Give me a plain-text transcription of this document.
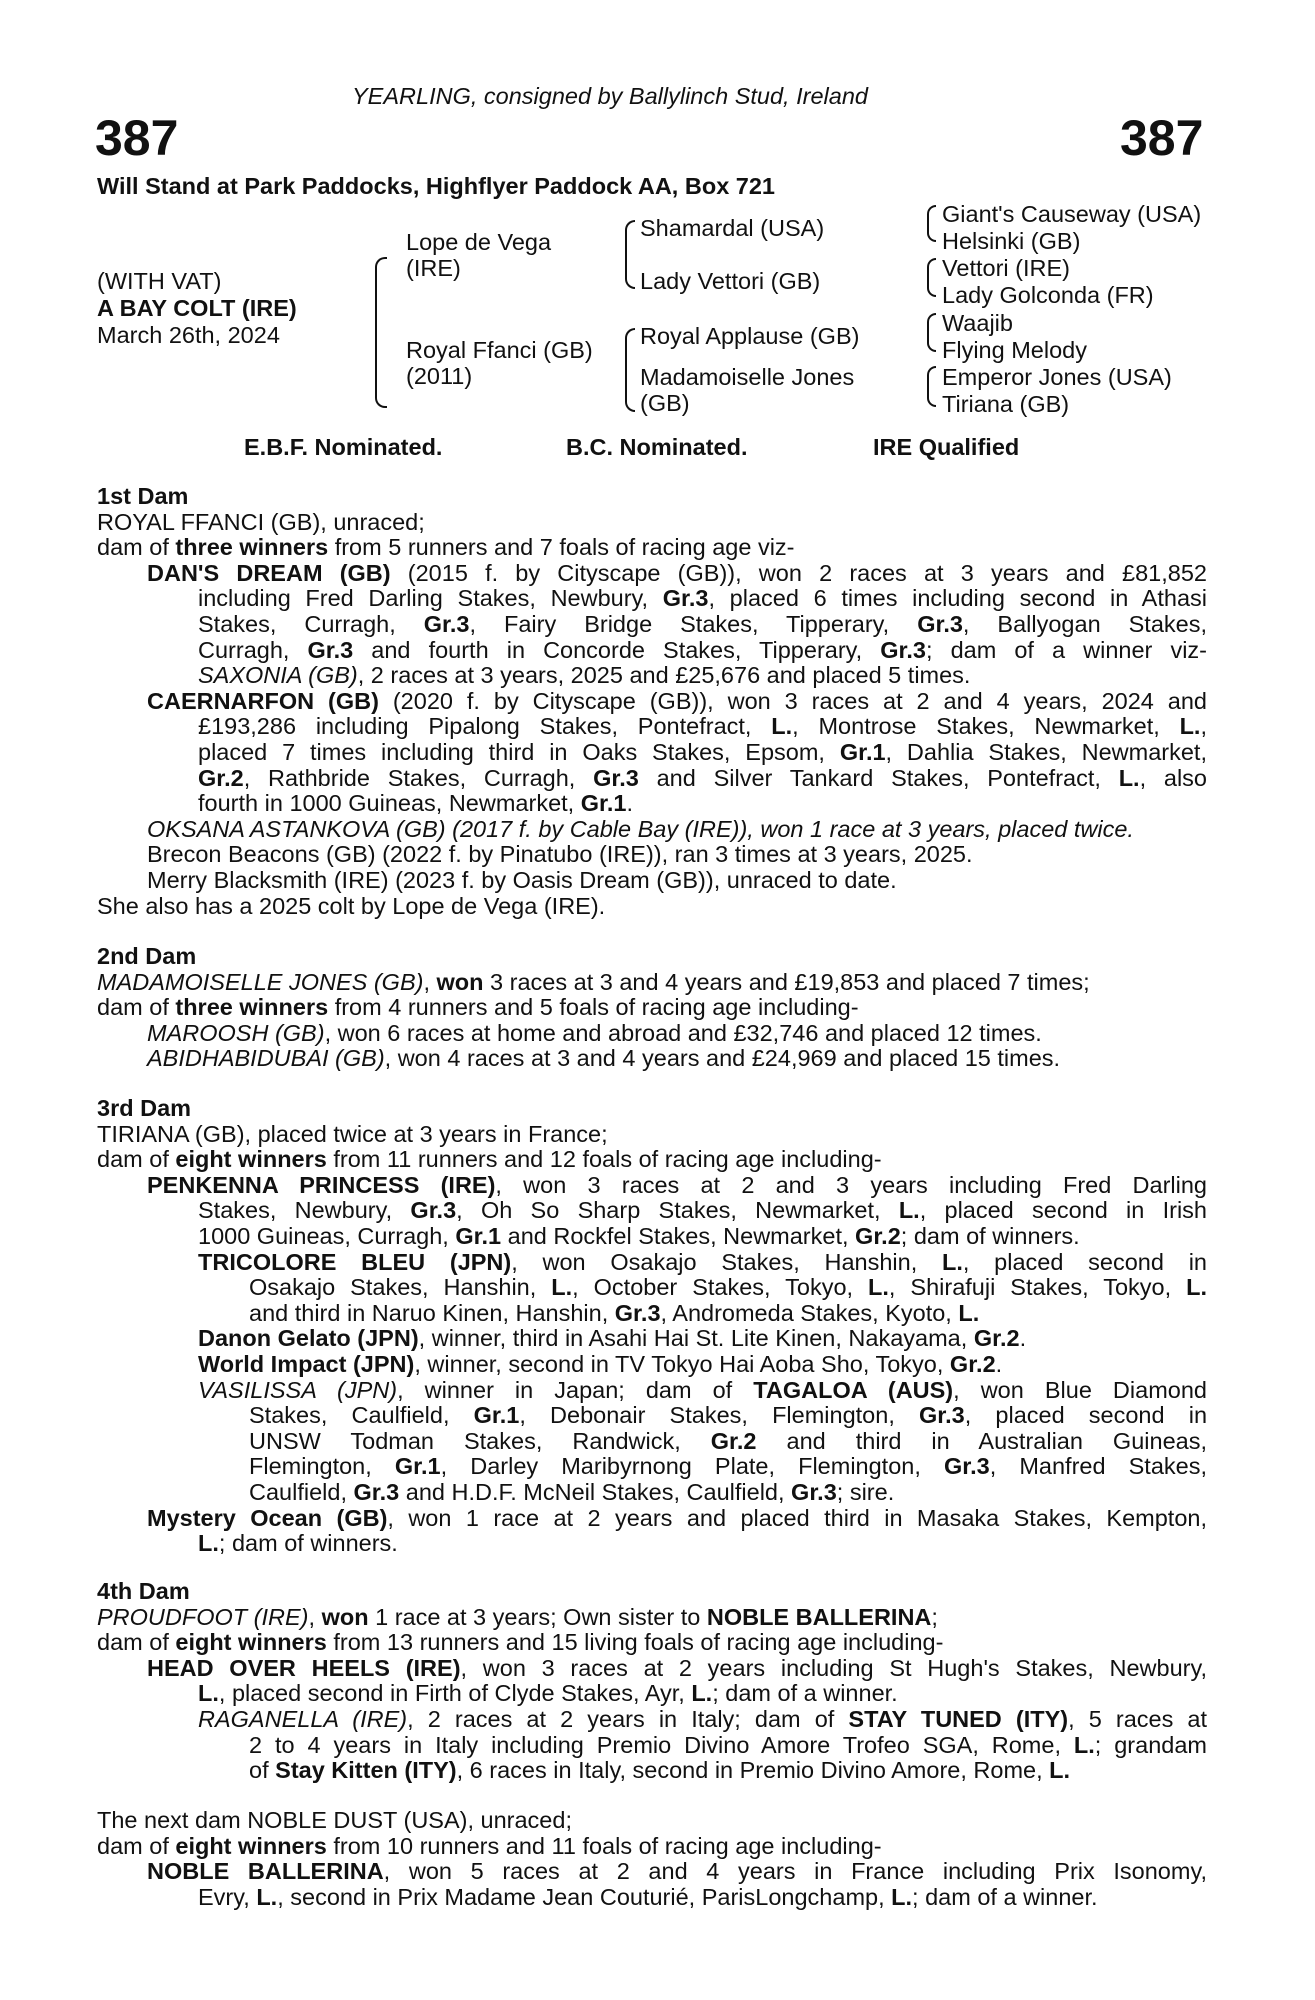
YEARLING, consigned by Ballylinch Stud, Ireland
387	387
Will Stand at Park Paddocks, Highflyer Paddock AA, Box 721
(WITH VAT)
A BAY COLT (IRE)
March 26th, 2024
Lope de Vega
(IRE)
Royal Ffanci (GB)
(2011)
Shamardal (USA)
Lady Vettori (GB)
Royal Applause (GB)
Madamoiselle Jones
(GB)
Giant's Causeway (USA)
Helsinki (GB)
Vettori (IRE)
Lady Golconda (FR)
Waajib
Flying Melody
Emperor Jones (USA)
Tiriana (GB)
E.B.F. Nominated.	B.C. Nominated.	IRE Qualified
1st Dam
ROYAL FFANCI (GB), unraced;
dam of three winners from 5 runners and 7 foals of racing age viz-
DAN'S DREAM (GB) (2015 f. by Cityscape (GB)), won 2 races at 3 years and £81,852
including Fred Darling Stakes, Newbury, Gr.3, placed 6 times including second in Athasi
Stakes, Curragh, Gr.3, Fairy Bridge Stakes, Tipperary, Gr.3, Ballyogan Stakes,
Curragh, Gr.3 and fourth in Concorde Stakes, Tipperary, Gr.3; dam of a winner viz-
SAXONIA (GB), 2 races at 3 years, 2025 and £25,676 and placed 5 times.
CAERNARFON (GB) (2020 f. by Cityscape (GB)), won 3 races at 2 and 4 years, 2024 and
£193,286 including Pipalong Stakes, Pontefract, L., Montrose Stakes, Newmarket, L.,
placed 7 times including third in Oaks Stakes, Epsom, Gr.1, Dahlia Stakes, Newmarket,
Gr.2, Rathbride Stakes, Curragh, Gr.3 and Silver Tankard Stakes, Pontefract, L., also
fourth in 1000 Guineas, Newmarket, Gr.1.
OKSANA ASTANKOVA (GB) (2017 f. by Cable Bay (IRE)), won 1 race at 3 years, placed twice.
Brecon Beacons (GB) (2022 f. by Pinatubo (IRE)), ran 3 times at 3 years, 2025.
Merry Blacksmith (IRE) (2023 f. by Oasis Dream (GB)), unraced to date.
She also has a 2025 colt by Lope de Vega (IRE).
2nd Dam
MADAMOISELLE JONES (GB), won 3 races at 3 and 4 years and £19,853 and placed 7 times;
dam of three winners from 4 runners and 5 foals of racing age including-
MAROOSH (GB), won 6 races at home and abroad and £32,746 and placed 12 times.
ABIDHABIDUBAI (GB), won 4 races at 3 and 4 years and £24,969 and placed 15 times.
3rd Dam
TIRIANA (GB), placed twice at 3 years in France;
dam of eight winners from 11 runners and 12 foals of racing age including-
PENKENNA PRINCESS (IRE), won 3 races at 2 and 3 years including Fred Darling
Stakes, Newbury, Gr.3, Oh So Sharp Stakes, Newmarket, L., placed second in Irish
1000 Guineas, Curragh, Gr.1 and Rockfel Stakes, Newmarket, Gr.2; dam of winners.
TRICOLORE BLEU (JPN), won Osakajo Stakes, Hanshin, L., placed second in
Osakajo Stakes, Hanshin, L., October Stakes, Tokyo, L., Shirafuji Stakes, Tokyo, L.
and third in Naruo Kinen, Hanshin, Gr.3, Andromeda Stakes, Kyoto, L.
Danon Gelato (JPN), winner, third in Asahi Hai St. Lite Kinen, Nakayama, Gr.2.
World Impact (JPN), winner, second in TV Tokyo Hai Aoba Sho, Tokyo, Gr.2.
VASILISSA (JPN), winner in Japan; dam of TAGALOA (AUS), won Blue Diamond
Stakes, Caulfield, Gr.1, Debonair Stakes, Flemington, Gr.3, placed second in
UNSW Todman Stakes, Randwick, Gr.2 and third in Australian Guineas,
Flemington, Gr.1, Darley Maribyrnong Plate, Flemington, Gr.3, Manfred Stakes,
Caulfield, Gr.3 and H.D.F. McNeil Stakes, Caulfield, Gr.3; sire.
Mystery Ocean (GB), won 1 race at 2 years and placed third in Masaka Stakes, Kempton,
L.; dam of winners.
4th Dam
PROUDFOOT (IRE), won 1 race at 3 years; Own sister to NOBLE BALLERINA;
dam of eight winners from 13 runners and 15 living foals of racing age including-
HEAD OVER HEELS (IRE), won 3 races at 2 years including St Hugh's Stakes, Newbury,
L., placed second in Firth of Clyde Stakes, Ayr, L.; dam of a winner.
RAGANELLA (IRE), 2 races at 2 years in Italy; dam of STAY TUNED (ITY), 5 races at
2 to 4 years in Italy including Premio Divino Amore Trofeo SGA, Rome, L.; grandam
of Stay Kitten (ITY), 6 races in Italy, second in Premio Divino Amore, Rome, L.
The next dam NOBLE DUST (USA), unraced;
dam of eight winners from 10 runners and 11 foals of racing age including-
NOBLE BALLERINA, won 5 races at 2 and 4 years in France including Prix Isonomy,
Evry, L., second in Prix Madame Jean Couturié, ParisLongchamp, L.; dam of a winner.
